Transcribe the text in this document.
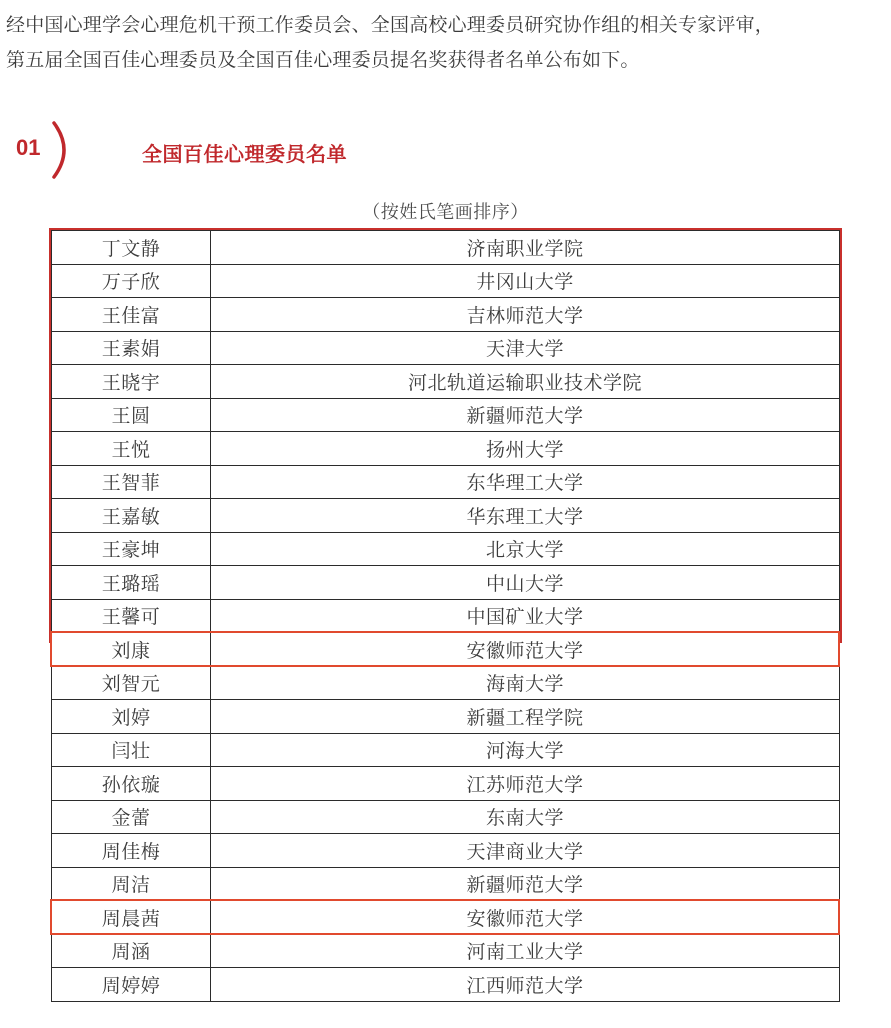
经中国心理学会心理危机干预工作委员会、全国高校心理委员研究协作组的相关专家评审，

第五届全国百佳心理委员及全国百佳心理委员提名奖获得者名单公布如下。

01	全国百佳心理委员名单
（按姓氏笔画排序）
丁文静	济南职业学院
万子欣	井冈山大学
王佳富	吉林师范大学
王素娟	天津大学
王晓宇	河北轨道运输职业技术学院
王圆	新疆师范大学
王悦	扬州大学
王智菲	东华理工大学
王嘉敏	华东理工大学
王豪坤	北京大学
王璐瑶	中山大学
王馨可	中国矿业大学
刘康	安徽师范大学
刘智元	海南大学
刘婷	新疆工程学院
闫壮	河海大学
孙依璇	江苏师范大学
金蕾	东南大学
周佳梅	天津商业大学
周洁	新疆师范大学
周晨茜	安徽师范大学
周涵	河南工业大学
周婷婷	江西师范大学
